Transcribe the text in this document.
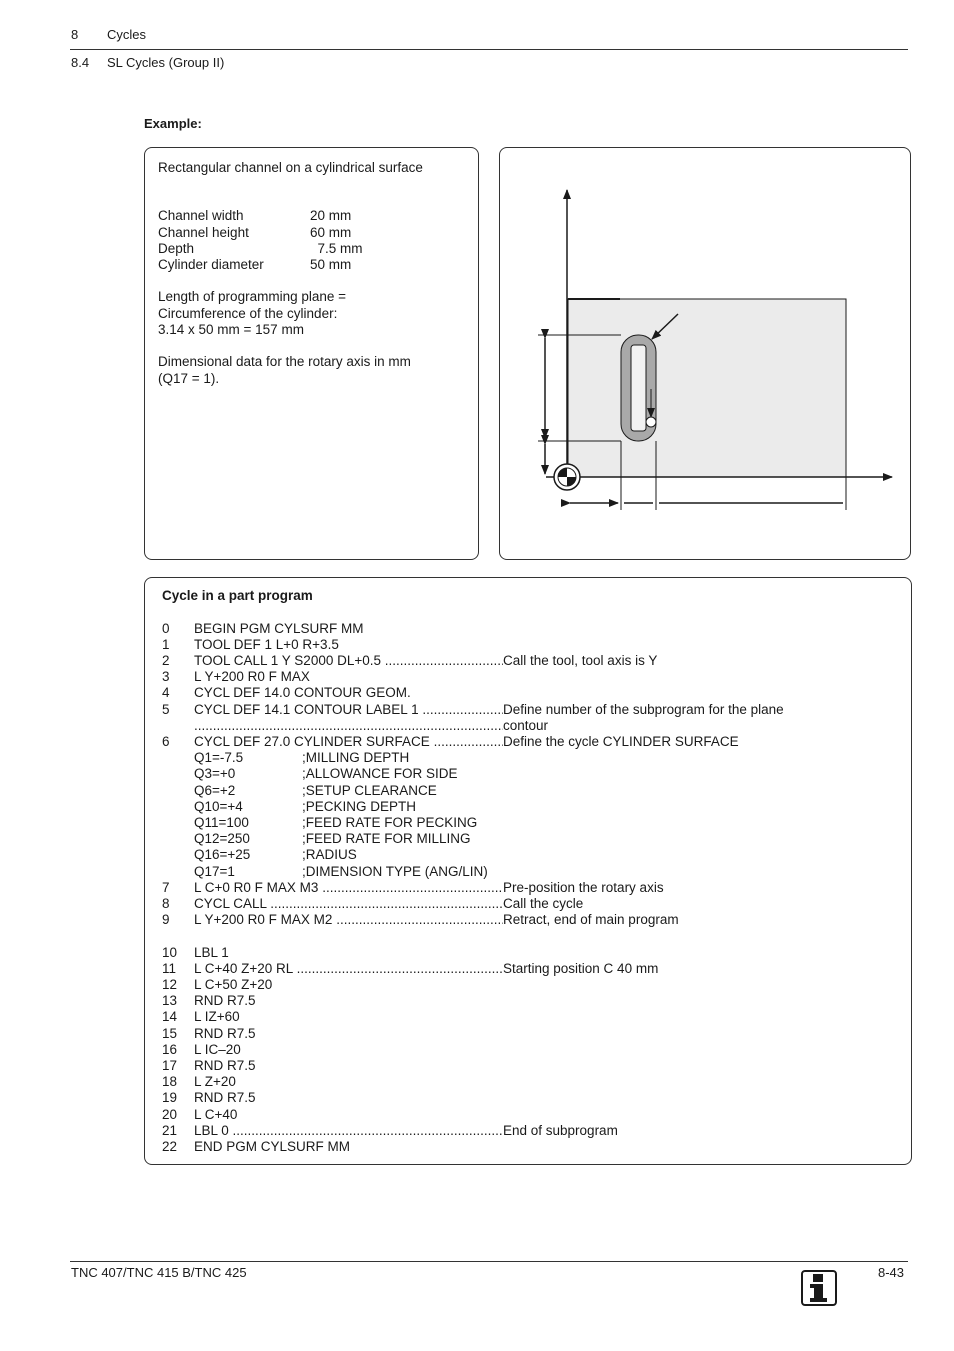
8 Cycles
8.4 SL Cycles (Group II)
Example:

Rectangular channel on a cylindrical surface

Channel width	20 mm
Channel height	60 mm
Depth	7.5 mm
Cylinder diameter	50 mm
Length of programming plane =
Circumference of the cylinder:
3.14 x 50 mm = 157 mm
Dimensional data for the rotary axis in mm
(Q17 = 1).
Cycle in a part program
0	BEGIN PGM CYLSURF MM
1	TOOL DEF 1 L+0 R+3.5
2	TOOL CALL 1 Y S2000 DL+0.5 .....	Call the tool, tool axis is Y
3	L Y+200 R0 F MAX
4	CYCL DEF 14.0 CONTOUR GEOM.
5	CYCL DEF 14.1 CONTOUR LABEL 1 .....	Define number of the subprogram for the plane
.....
contour
6	CYCL DEF 27.0 CYLINDER SURFACE .....	Define the cycle CYLINDER SURFACE
Q1=-7.5	;MILLING DEPTH
Q3=+0	;ALLOWANCE FOR SIDE
Q6=+2	;SETUP CLEARANCE
Q10=+4	;PECKING DEPTH
Q11=100	;FEED RATE FOR PECKING
Q12=250	;FEED RATE FOR MILLING
Q16=+25	;RADIUS
Q17=1	;DIMENSION TYPE (ANG/LIN)
7	L C+0 R0 F MAX M3 .....	Pre-position the rotary axis
8	CYCL CALL .....	Call the cycle
9	L Y+200 R0 F MAX M2 .....	Retract, end of main program
10	LBL 1
11	L C+40 Z+20 RL .....	Starting position C 40 mm
12	L C+50 Z+20
13	RND R7.5
14	L IZ+60
15	RND R7.5
16	L IC–20
17	RND R7.5
18	L Z+20
19	RND R7.5
20	L C+40
21	LBL 0 .....	End of subprogram
22	END PGM CYLSURF MM
TNC 407/TNC 415 B/TNC 425	8-43
